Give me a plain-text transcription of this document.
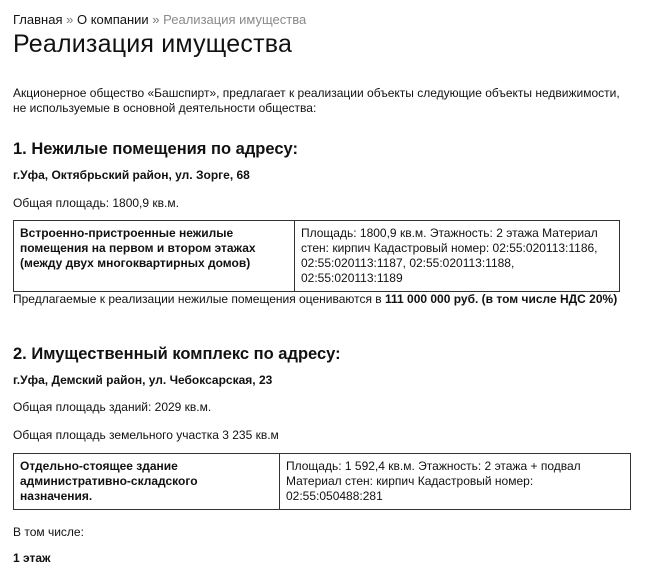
Главная » О компании » Реализация имущества
Реализация имущества
Акционерное общество «Башспирт», предлагает к реализации объекты следующие объекты недвижимости, не используемые в основной деятельности общества:
1. Нежилые помещения по адресу:
г.Уфа, Октябрьский район, ул. Зорге, 68
Общая площадь: 1800,9 кв.м.
Встроенно-пристроенные нежилые помещения на первом и втором этажах (между двух многоквартирных домов)	Площадь: 1800,9 кв.м. Этажность: 2 этажа Материал стен: кирпич Кадастровый номер: 02:55:020113:1186, 02:55:020113:1187, 02:55:020113:1188, 02:55:020113:1189
Предлагаемые к реализации нежилые помещения оцениваются в 111 000 000 руб. (в том числе НДС 20%)
2. Имущественный комплекс по адресу:
г.Уфа, Демский район, ул. Чебоксарская, 23
Общая площадь зданий: 2029 кв.м.
Общая площадь земельного участка 3 235 кв.м
Отдельно-стоящее здание административно-складского назначения.	Площадь: 1 592,4 кв.м. Этажность: 2 этажа + подвал Материал стен: кирпич Кадастровый номер: 02:55:050488:281
В том числе:
1 этаж
